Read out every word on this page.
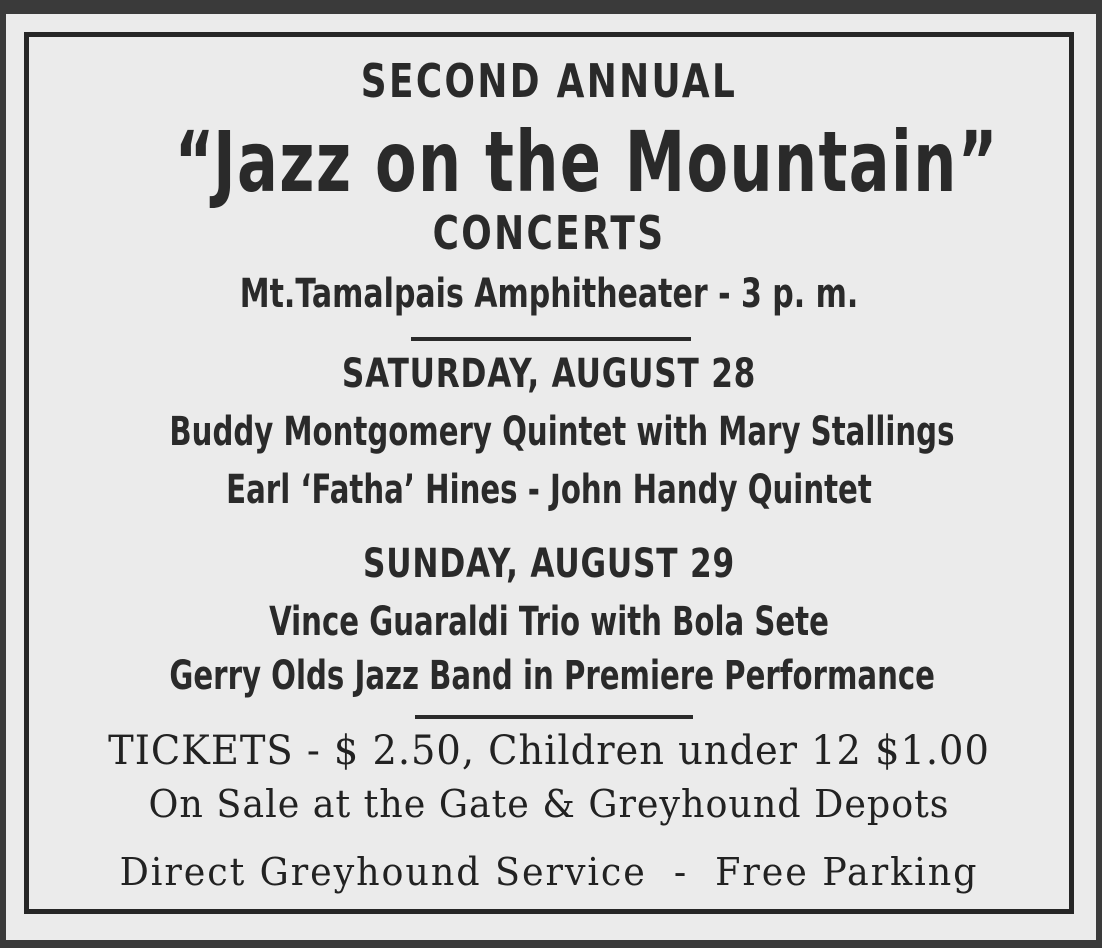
SECOND ANNUAL

“Jazz on the Mountain”

CONCERTS

Mt.Tamalpais Amphitheater - 3 p. m.

SATURDAY, AUGUST 28

Buddy Montgomery Quintet with Mary Stallings

Earl ‘Fatha’ Hines - John Handy Quintet

SUNDAY, AUGUST 29

Vince Guaraldi Trio with Bola Sete

Gerry Olds Jazz Band in Premiere Performance

TICKETS - $ 2.50, Children under 12 $1.00

On Sale at the Gate & Greyhound Depots

Direct Greyhound Service  -  Free Parking
